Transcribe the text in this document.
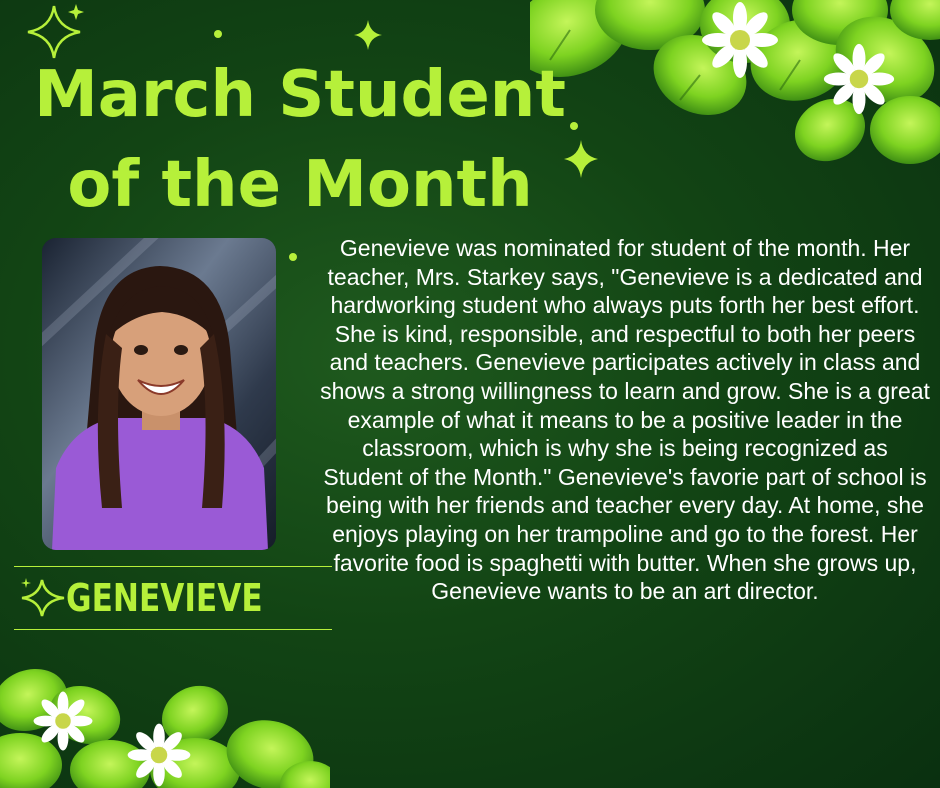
March Student of the Month

GENEVIEVE

Genevieve was nominated for student of the month. Her teacher, Mrs. Starkey says, "Genevieve is a dedicated and hardworking student who always puts forth her best effort. She is kind, responsible, and respectful to both her peers and teachers. Genevieve participates actively in class and shows a strong willingness to learn and grow. She is a great example of what it means to be a positive leader in the classroom, which is why she is being recognized as Student of the Month." Genevieve's favorie part of school is being with her friends and teacher every day. At home, she enjoys playing on her trampoline and go to the forest. Her favorite food is spaghetti with butter. When she grows up, Genevieve wants to be an art director.
